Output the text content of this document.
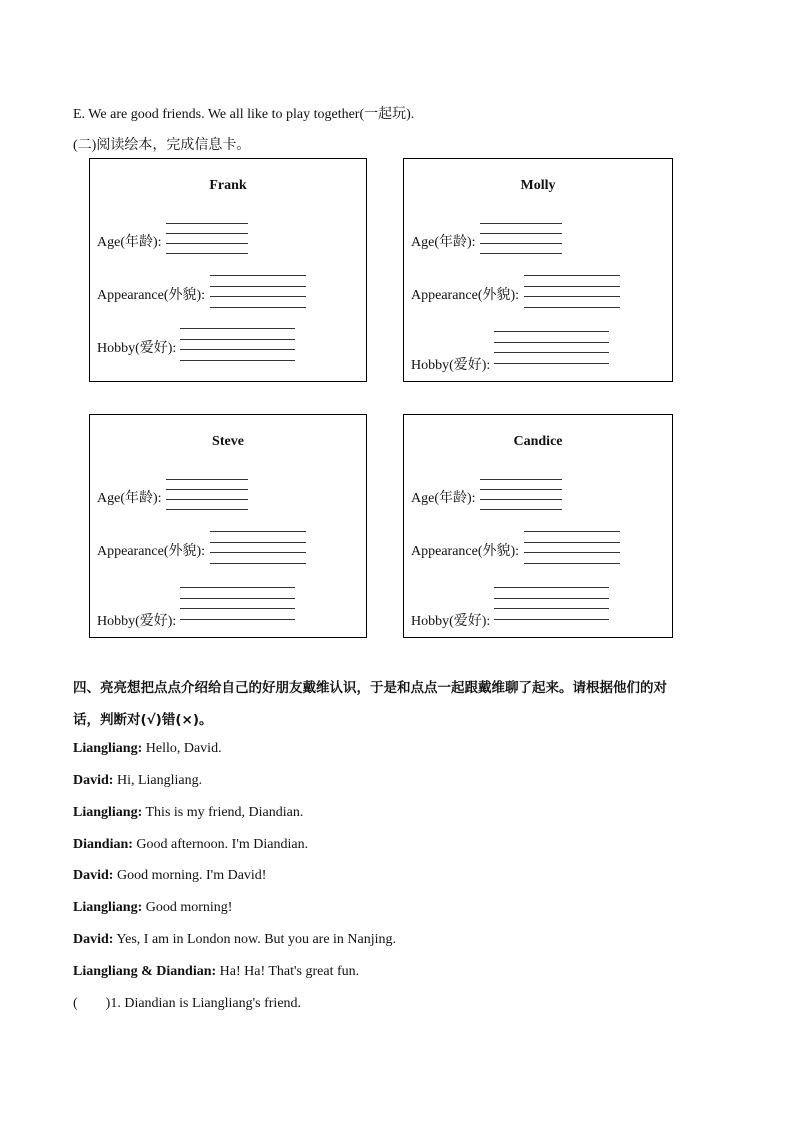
E. We are good friends. We all like to play together(一起玩).
(二)阅读绘本，完成信息卡。
Frank
Age(年龄):
Appearance(外貌):
Hobby(爱好):
Molly
Age(年龄):
Appearance(外貌):
Hobby(爱好):
Steve
Age(年龄):
Appearance(外貌):
Hobby(爱好):
Candice
Age(年龄):
Appearance(外貌):
Hobby(爱好):
四、亮亮想把点点介绍给自己的好朋友戴维认识，于是和点点一起跟戴维聊了起来。请根据他们的对
话，判断对(√)错(×)。
Liangliang: Hello, David.
David: Hi, Liangliang.
Liangliang: This is my friend, Diandian.
Diandian: Good afternoon. I'm Diandian.
David: Good morning. I'm David!
Liangliang: Good morning!
David: Yes, I am in London now. But you are in Nanjing.
Liangliang & Diandian: Ha! Ha! That's great fun.
(        )1. Diandian is Liangliang's friend.
